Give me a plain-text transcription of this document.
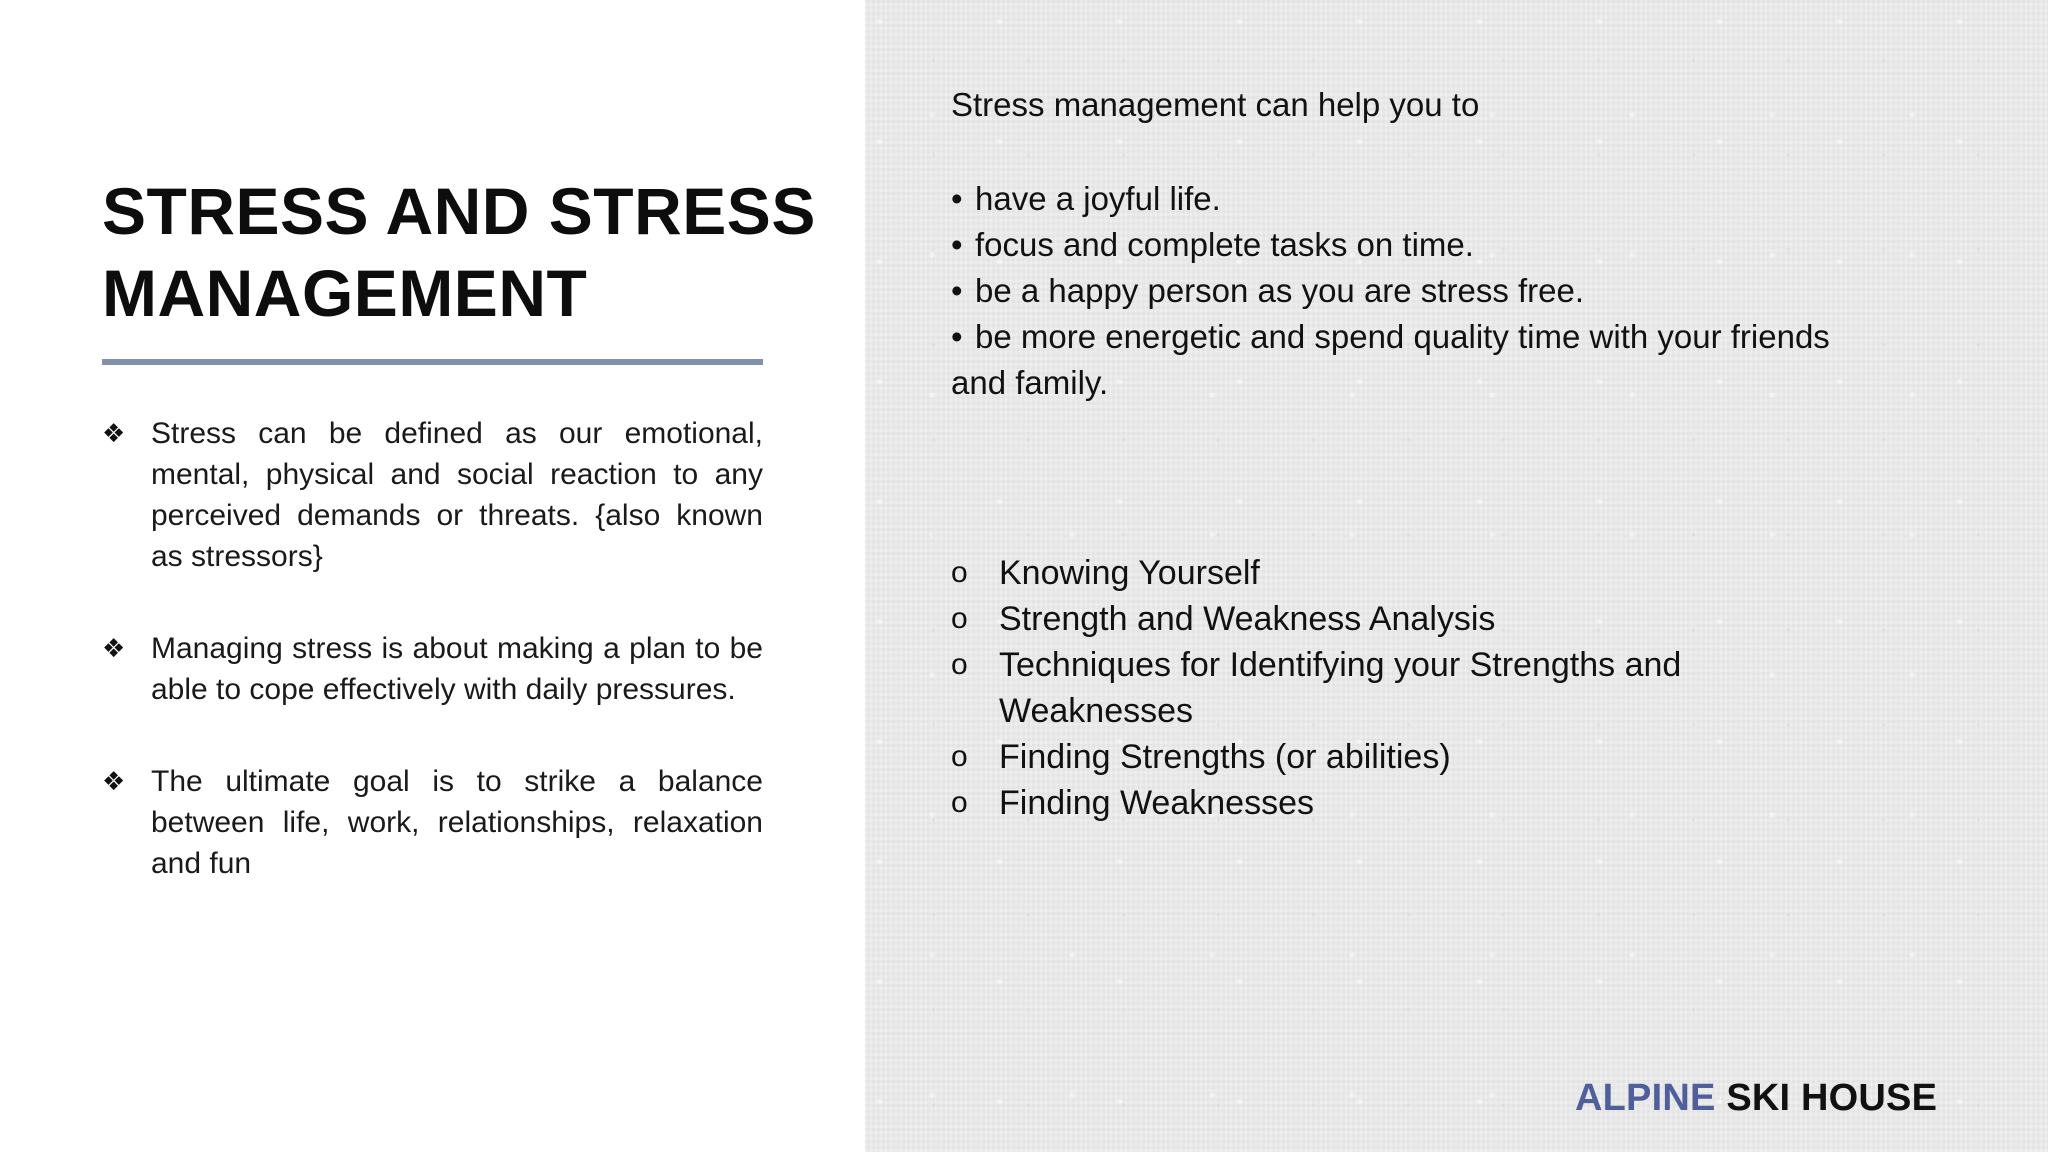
STRESS AND STRESS MANAGEMENT
❖ Stress can be defined as our emotional, mental, physical and social reaction to any perceived demands or threats. {also known as stressors}
❖ Managing stress is about making a plan to be able to cope effectively with daily pressures.
❖ The ultimate goal is to strike a balance between life, work, relationships, relaxation and fun

Stress management can help you to

• have a joyful life.
• focus and complete tasks on time.
• be a happy person as you are stress free.
• be more energetic and spend quality time with your friends and family.
o Knowing Yourself
o Strength and Weakness Analysis
o Techniques for Identifying your Strengths and Weaknesses
o Finding Strengths (or abilities)
o Finding Weaknesses
ALPINE SKI HOUSE
